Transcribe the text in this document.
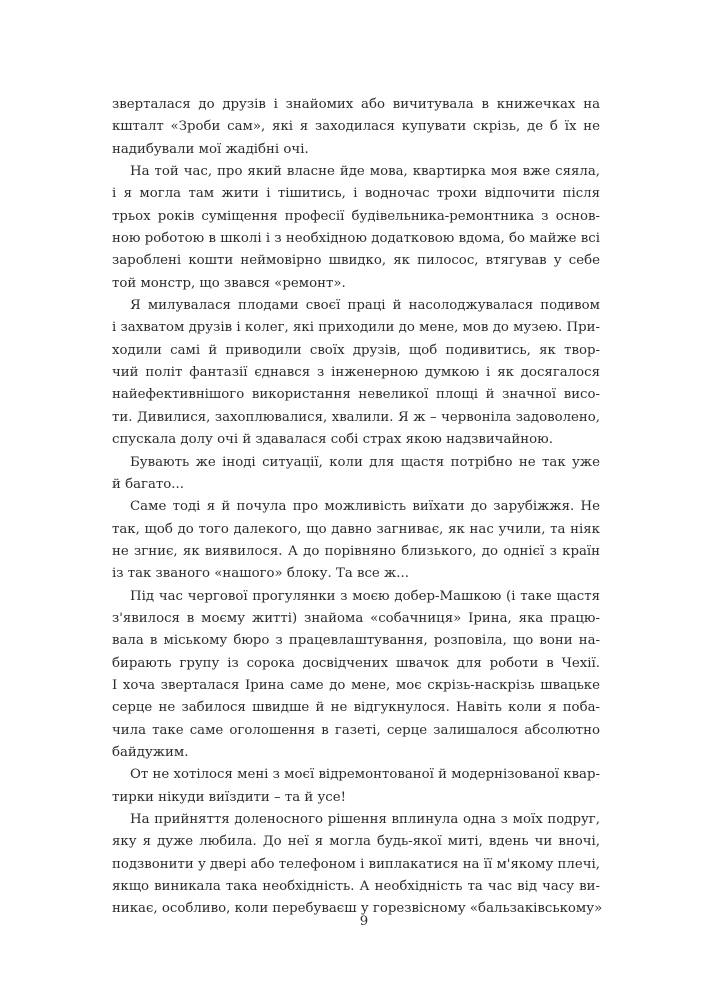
зверталася до друзів і знайомих або вичитувала в книжечках на
кшталт «Зроби сам», які я заходилася купувати скрізь, де б їх не
надибували мої жадібні очі.
На той час, про який власне йде мова, квартирка моя вже сяяла,
і я могла там жити і тішитись, і водночас трохи відпочити після
трьох років суміщення професії будівельника-ремонтника з основ-
ною роботою в школі і з необхідною додатковою вдома, бо майже всі
зароблені кошти неймовірно швидко, як пилосос, втягував у себе
той монстр, що звався «ремонт».
Я милувалася плодами своєї праці й насолоджувалася подивом
і захватом друзів і колег, які приходили до мене, мов до музею. При-
ходили самі й приводили своїх друзів, щоб подивитись, як твор-
чий політ фантазії єднався з інженерною думкою і як досягалося
найефективнішого використання невеликої площі й значної висо-
ти. Дивилися, захоплювалися, хвалили. Я ж – червоніла задоволено,
спускала долу очі й здавалася собі страх якою надзвичайною.
Бувають же іноді ситуації, коли для щастя потрібно не так уже
й багато...
Саме тоді я й почула про можливість виїхати до зарубіжжя. Не
так, щоб до того далекого, що давно загниває, як нас учили, та ніяк
не згниє, як виявилося. А до порівняно близького, до однієї з країн
із так званого «нашого» блоку. Та все ж...
Під час чергової прогулянки з моєю добер-Машкою (і таке щастя
з'явилося в моєму житті) знайома «собачниця» Ірина, яка працю-
вала в міському бюро з працевлаштування, розповіла, що вони на-
бирають групу із сорока досвідчених швачок для роботи в Чехії.
І хоча зверталася Ірина саме до мене, моє скрізь-наскрізь швацьке
серце не забилося швидше й не відгукнулося. Навіть коли я поба-
чила таке саме оголошення в газеті, серце залишалося абсолютно
байдужим.
От не хотілося мені з моєї відремонтованої й модернізованої квар-
тирки нікуди виїздити – та й усе!
На прийняття доленосного рішення вплинула одна з моїх подруг,
яку я дуже любила. До неї я могла будь-якої миті, вдень чи вночі,
подзвонити у двері або телефоном і виплакатися на її м'якому плечі,
якщо виникала така необхідність. А необхідність та час від часу ви-
никає, особливо, коли перебуваєш у горезвісному «бальзаківському»
9
